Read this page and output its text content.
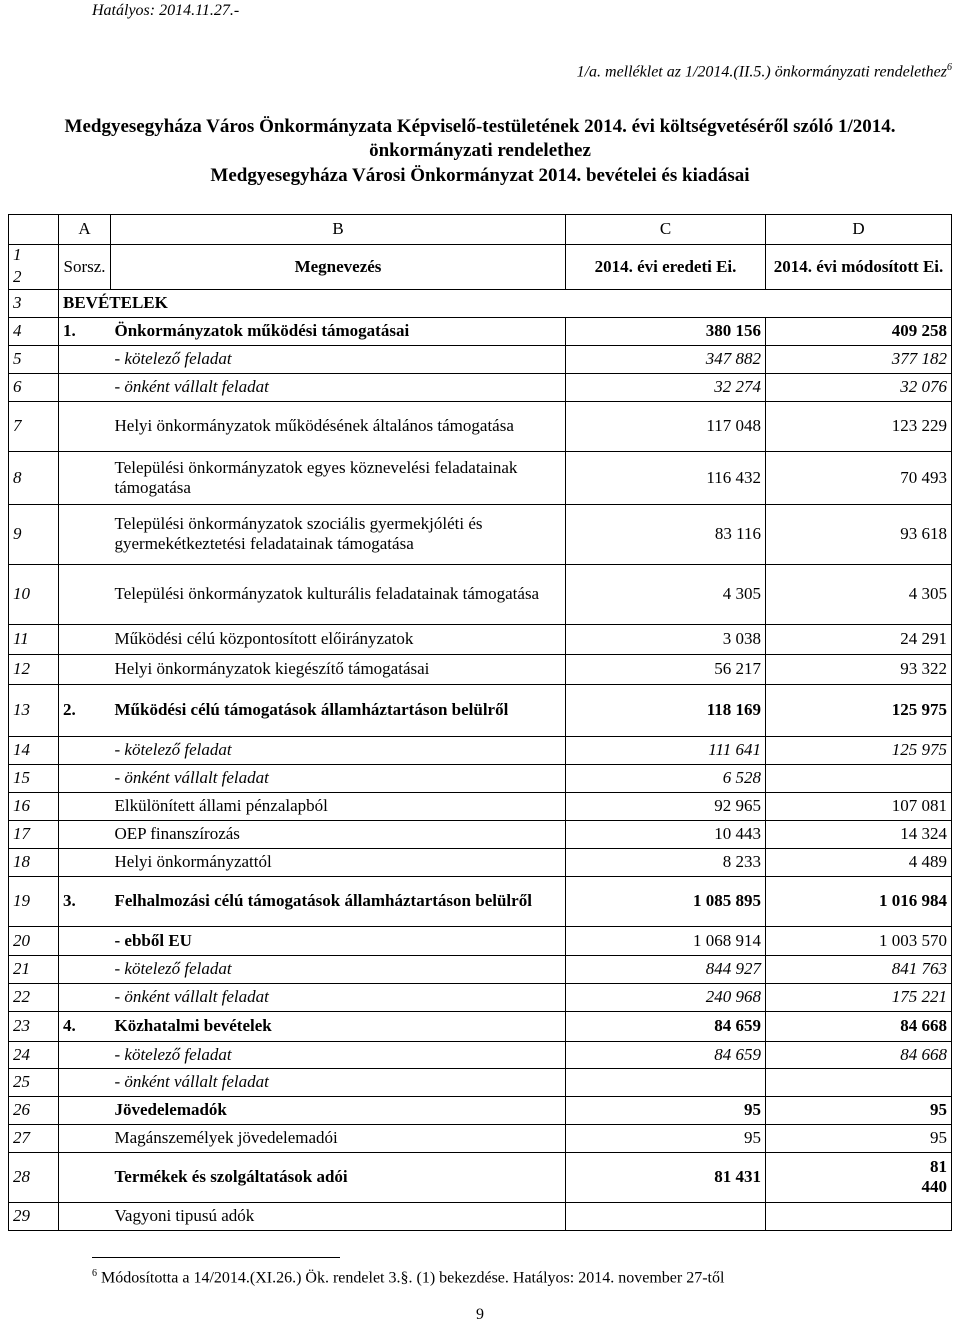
Hatályos: 2014.11.27.-
1/a. melléklet az 1/2014.(II.5.) önkormányzati rendelethez$^6$
Medgyesegyháza Város Önkormányzata Képviselő-testületének 2014. évi költségvetéséről szóló 1/2014.
önkormányzati rendelethez
Medgyesegyháza Városi Önkormányzat 2014. bevételei és kiadásai
	A	B	C	D
1	Sorsz.	Megnevezés	2014. évi eredeti Ei.	2014. évi módosított Ei.
2				
3	BEVÉTELEK			
4	1.	Önkormányzatok működési támogatásai	380 156	409 258
5		- kötelező feladat	347 882	377 182
6		- önként vállalt feladat	32 274	32 076
7		Helyi önkormányzatok működésének általános támogatása	117 048	123 229
8		Települési önkormányzatok egyes köznevelési feladatainak támogatása	116 432	70 493
9		Települési önkormányzatok szociális gyermekjóléti és gyermekétkeztetési feladatainak támogatása	83 116	93 618
10		Települési önkormányzatok kulturális feladatainak támogatása	4 305	4 305
11		Működési célú központosított előirányzatok	3 038	24 291
12		Helyi önkormányzatok kiegészítő támogatásai	56 217	93 322
13	2.	Működési célú támogatások államháztartáson belülről	118 169	125 975
14		- kötelező feladat	111 641	125 975
15		- önként vállalt feladat	6 528	
16		Elkülönített állami pénzalapból	92 965	107 081
17		OEP finanszírozás	10 443	14 324
18		Helyi önkormányzattól	8 233	4 489
19	3.	Felhalmozási célú támogatások államháztartáson belülről	1 085 895	1 016 984
20		- ebből EU	1 068 914	1 003 570
21		- kötelező feladat	844 927	841 763
22		- önként vállalt feladat	240 968	175 221
23	4.	Közhatalmi bevételek	84 659	84 668
24		- kötelező feladat	84 659	84 668
25		- önként vállalt feladat		
26		Jövedelemadók	95	95
27		Magánszemélyek jövedelemadói	95	95
28		Termékek és szolgáltatások adói	81 431	81 440
29		Vagyoni tipusú adók		
$^6$ Módosította a 14/2014.(XI.26.) Ök. rendelet 3.§. (1) bekezdése. Hatályos: 2014. november 27-től
9
